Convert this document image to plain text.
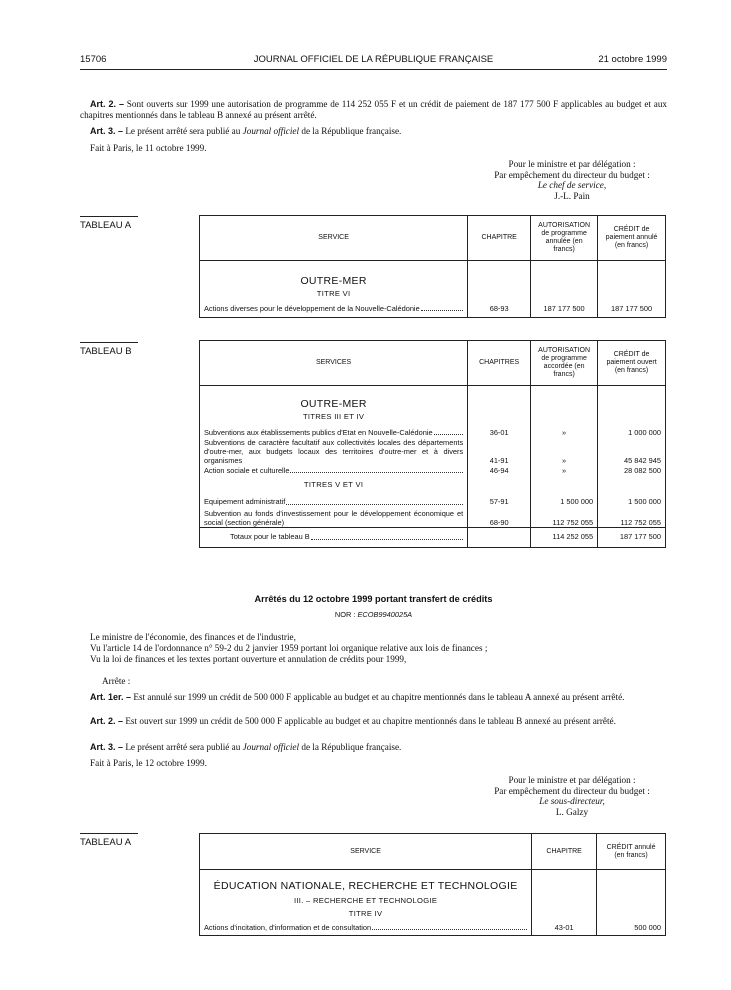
15706	JOURNAL OFFICIEL DE LA RÉPUBLIQUE FRANÇAISE	21 octobre 1999
Art. 2. – Sont ouverts sur 1999 une autorisation de programme de 114 252 055 F et un crédit de paiement de 187 177 500 F applicables au budget et aux chapitres mentionnés dans le tableau B annexé au présent arrêté.
Art. 3. – Le présent arrêté sera publié au Journal officiel de la République française.
Fait à Paris, le 11 octobre 1999.
Pour le ministre et par délégation :
Par empêchement du directeur du budget :
Le chef de service,
J.-L. Pain
TABLEAU A
SERVICE	CHAPITRE	AUTORISATION de programme annulée (en francs)	CRÉDIT de paiement annulé (en francs)

OUTRE-MER			
TITRE VI			

Actions diverses pour le développement de la Nouvelle-Calédonie	68-93	187 177 500	187 177 500
TABLEAU B
SERVICES	CHAPITRES	AUTORISATION de programme accordée (en francs)	CRÉDIT de paiement ouvert (en francs)

OUTRE-MER			
TITRES III ET IV			

Subventions aux établissements publics d'Etat en Nouvelle-Calédonie	36-01	»	1 000 000

Subventions de caractère facultatif aux collectivités locales des départements d'outre-mer, aux budgets locaux des territoires d'outre-mer et à divers organismes	41-91	»	45 842 945

Action sociale et culturelle	46-94	»	28 082 500
TITRES V ET VI			

Equipement administratif	57-91	1 500 000	1 500 000

Subvention au fonds d'investissement pour le développement économique et social (section générale)	68-90	112 752 055	112 752 055

Totaux pour le tableau B		114 252 055	187 177 500
Arrêtés du 12 octobre 1999 portant transfert de crédits
NOR : ECOB9940025A
Le ministre de l'économie, des finances et de l'industrie,
Vu l'article 14 de l'ordonnance n° 59-2 du 2 janvier 1959 portant loi organique relative aux lois de finances ;
Vu la loi de finances et les textes portant ouverture et annulation de crédits pour 1999,
Arrête :
Art. 1er. – Est annulé sur 1999 un crédit de 500 000 F applicable au budget et au chapitre mentionnés dans le tableau A annexé au présent arrêté.
Art. 2. – Est ouvert sur 1999 un crédit de 500 000 F applicable au budget et au chapitre mentionnés dans le tableau B annexé au présent arrêté.
Art. 3. – Le présent arrêté sera publié au Journal officiel de la République française.
Fait à Paris, le 12 octobre 1999.
Pour le ministre et par délégation :
Par empêchement du directeur du budget :
Le sous-directeur,
L. Galzy
TABLEAU A
SERVICE	CHAPITRE	CRÉDIT annulé (en francs)

ÉDUCATION NATIONALE, RECHERCHE ET TECHNOLOGIE		
III. – RECHERCHE ET TECHNOLOGIE		
TITRE IV		

Actions d'incitation, d'information et de consultation	43-01	500 000
